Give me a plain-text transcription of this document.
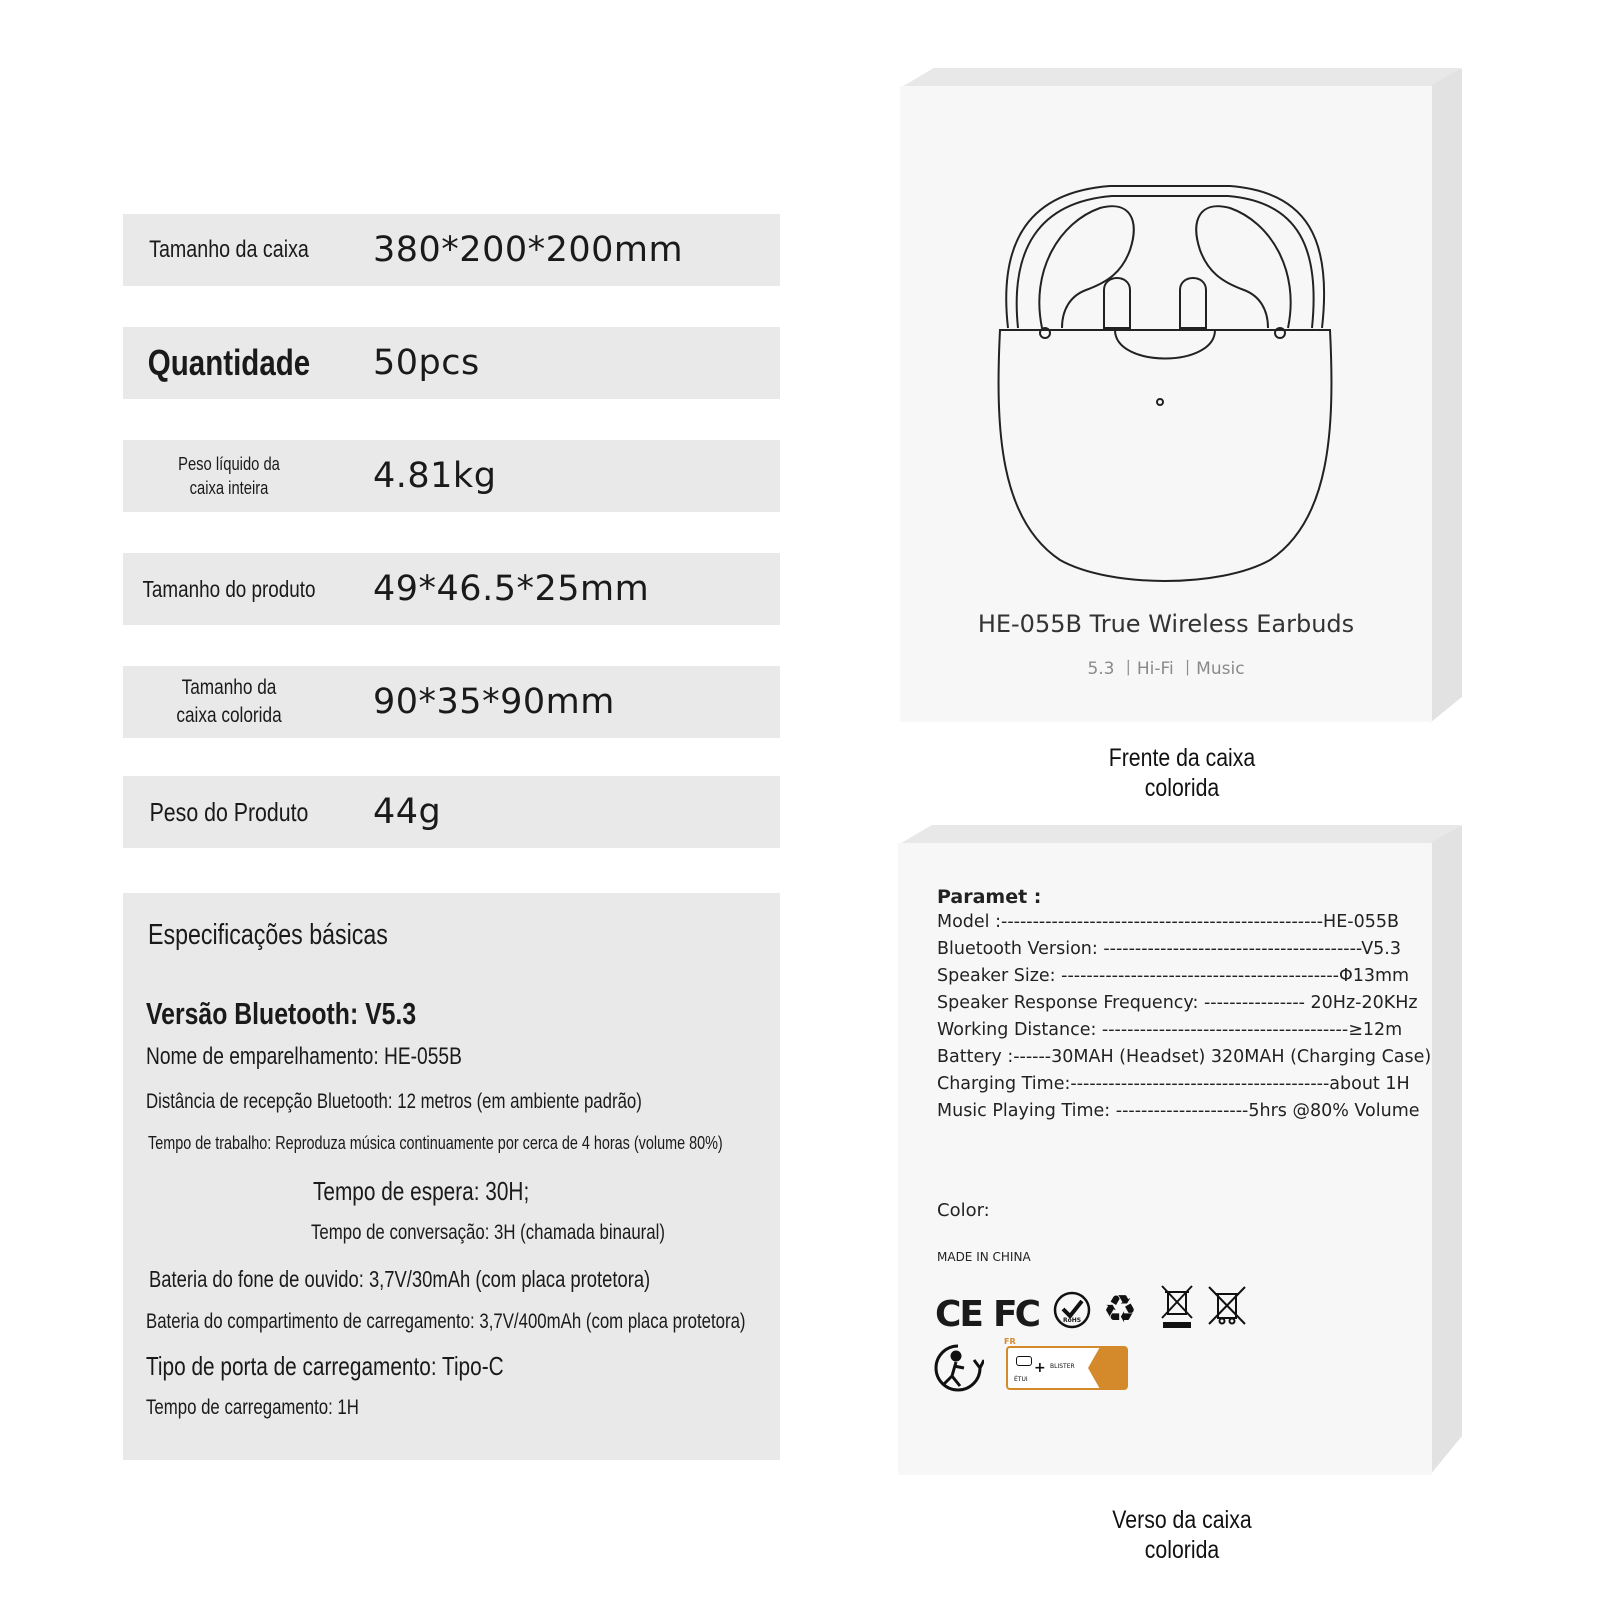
Tamanho da caixa 380*200*200mm
Quantidade 50pcs
Peso líquido da caixa inteira	4.81kg
Tamanho do produto 49*46.5*25mm
Tamanho da caixa colorida	90*35*90mm
Peso do Produto 44g
Especificações básicas
Versão Bluetooth: V5.3
Nome de emparelhamento: HE-055B
Distância de recepção Bluetooth: 12 metros (em ambiente padrão)
Tempo de trabalho: Reproduza música continuamente por cerca de 4 horas (volume 80%)
Tempo de espera: 30H;
Tempo de conversação: 3H (chamada binaural)
Bateria do fone de ouvido: 3,7V/30mAh (com placa protetora)
Bateria do compartimento de carregamento: 3,7V/400mAh (com placa protetora)
Tipo de porta de carregamento: Tipo-C
Tempo de carregamento: 1H
HE-055B True Wireless Earbuds
5.3 丨Hi-Fi 丨Music
Frente da caixa
colorida
Paramet :
Model :---------------------------------------------------HE-055B
Bluetooth Version: -----------------------------------------V5.3
Speaker Size: --------------------------------------------Φ13mm
Speaker Response Frequency: ---------------- 20Hz-20KHz
Working Distance: ---------------------------------------≥12m
Battery :------30MAH (Headset) 320MAH (Charging Case)
Charging Time:-----------------------------------------about 1H
Music Playing Time: ---------------------5hrs @80% Volume
Color:
MADE IN CHINA
CE FC	RoHS ♻
FR
+ BLISTER
ÉTUI
Verso da caixa
colorida
